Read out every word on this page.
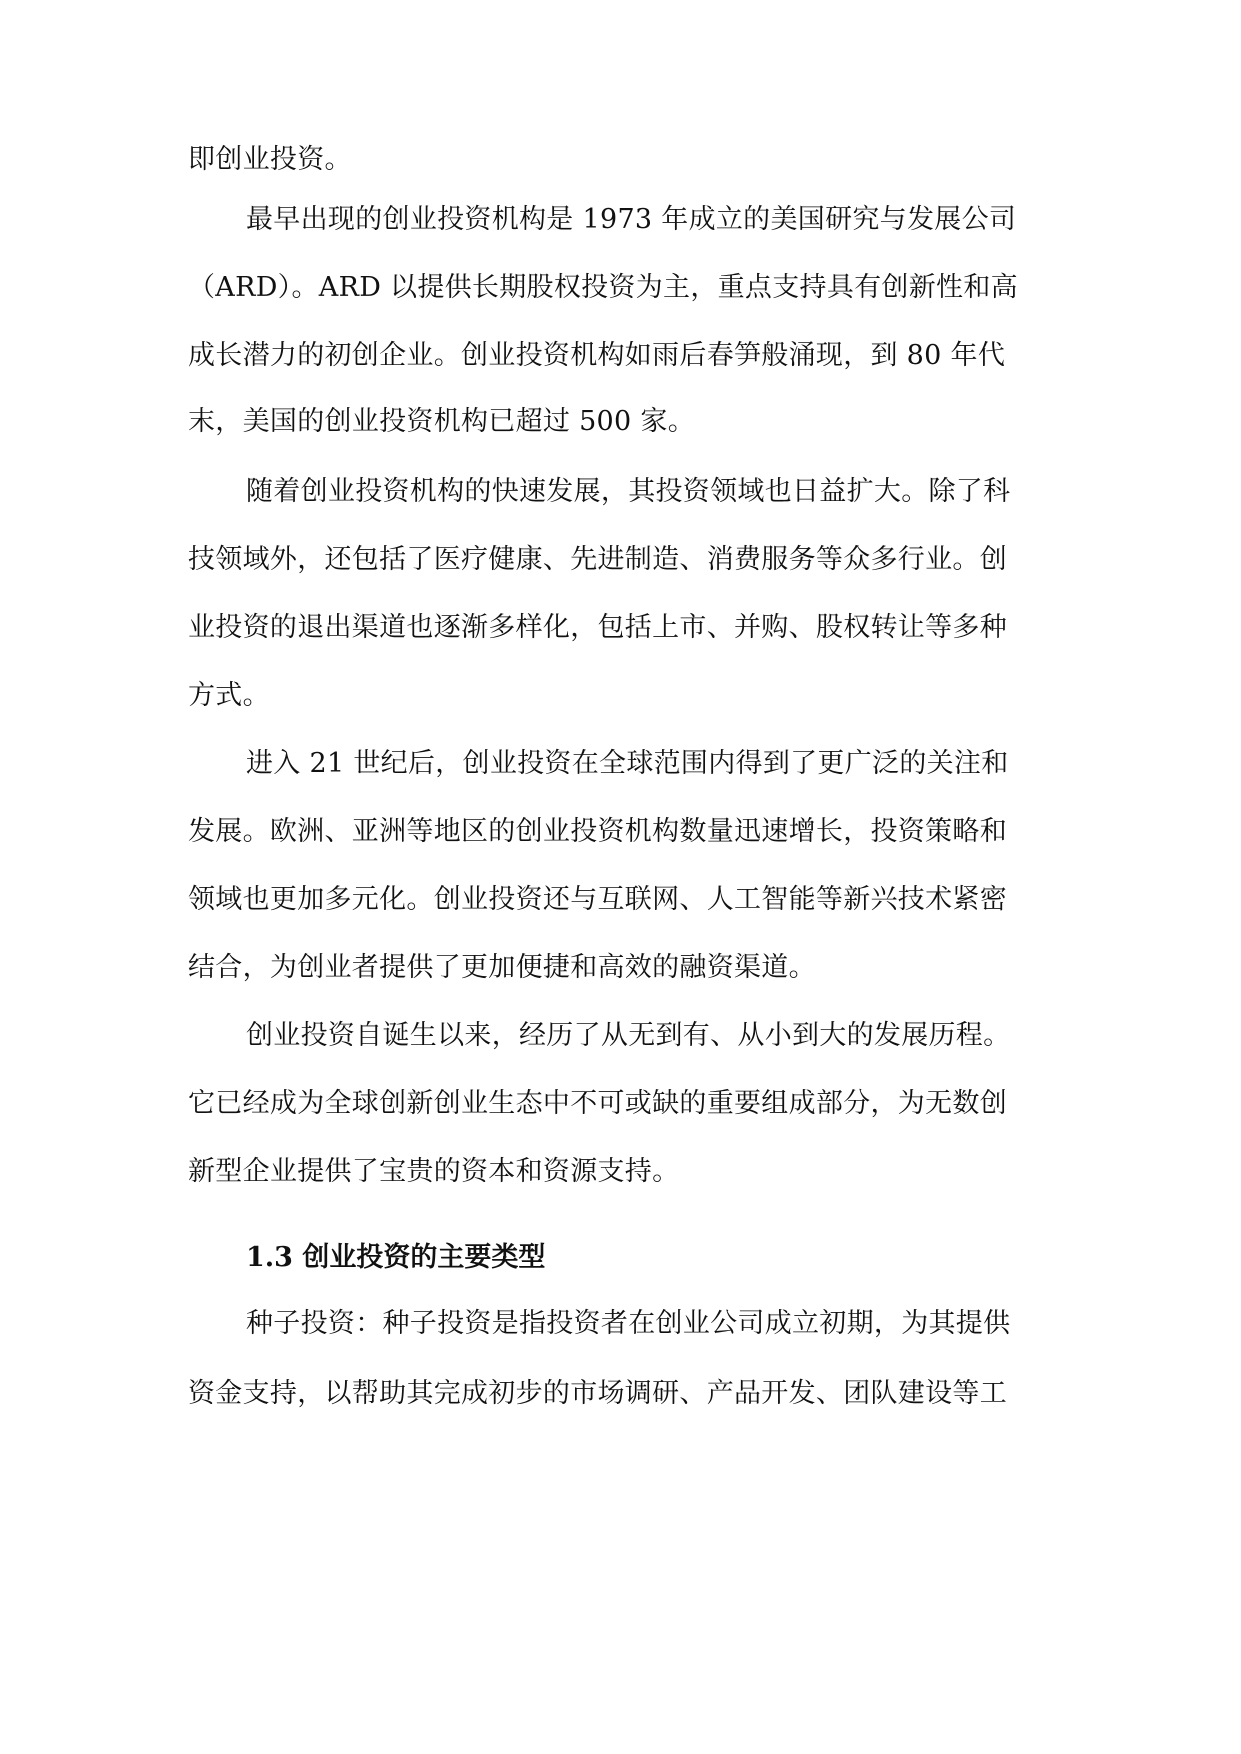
即创业投资。

最早出现的创业投资机构是 1973 年成立的美国研究与发展公司

（ARD）。ARD 以提供长期股权投资为主，重点支持具有创新性和高

成长潜力的初创企业。创业投资机构如雨后春笋般涌现，到 80 年代

末，美国的创业投资机构已超过 500 家。

随着创业投资机构的快速发展，其投资领域也日益扩大。除了科

技领域外，还包括了医疗健康、先进制造、消费服务等众多行业。创

业投资的退出渠道也逐渐多样化，包括上市、并购、股权转让等多种

方式。

进入 21 世纪后，创业投资在全球范围内得到了更广泛的关注和

发展。欧洲、亚洲等地区的创业投资机构数量迅速增长，投资策略和

领域也更加多元化。创业投资还与互联网、人工智能等新兴技术紧密

结合，为创业者提供了更加便捷和高效的融资渠道。

创业投资自诞生以来，经历了从无到有、从小到大的发展历程。

它已经成为全球创新创业生态中不可或缺的重要组成部分，为无数创

新型企业提供了宝贵的资本和资源支持。

1.3 创业投资的主要类型

种子投资：种子投资是指投资者在创业公司成立初期，为其提供

资金支持，以帮助其完成初步的市场调研、产品开发、团队建设等工
